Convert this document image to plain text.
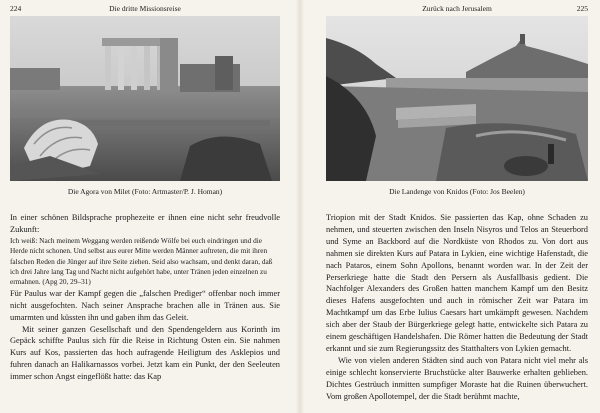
224	Die dritte Missionsreise
Die Agora von Milet (Foto: Artmaster/P. J. Homan)

In einer schönen Bildsprache prophezeite er ihnen eine nicht sehr freudvolle Zukunft:

Ich weiß: Nach meinem Weggang werden reißende Wölfe bei euch eindringen und die Herde nicht schonen. Und selbst aus eurer Mitte werden Männer auftreten, die mit ihren falschen Reden die Jünger auf ihre Seite ziehen. Seid also wachsam, und denkt daran, daß ich drei Jahre lang Tag und Nacht nicht aufgehört habe, unter Tränen jeden einzelnen zu ermahnen. (Apg 20, 29–31)

Für Paulus war der Kampf gegen die „falschen Prediger“ offenbar noch immer nicht ausgefochten. Nach seiner Ansprache brachen alle in Tränen aus. Sie umarmten und küssten ihn und gaben ihm das Geleit.

Mit seiner ganzen Gesellschaft und den Spendengeldern aus Korinth im Gepäck schiffte Paulus sich für die Reise in Richtung Osten ein. Sie nahmen Kurs auf Kos, passierten das hoch aufragende Heiligtum des Asklepios und fuhren danach an Halikarnassos vorbei. Jetzt kam ein Punkt, der den Seeleuten immer schon Angst eingeflößt hatte: das Kap

Zurück nach Jerusalem	225
Die Landenge von Knidos (Foto: Jos Beelen)

Triopion mit der Stadt Knidos. Sie passierten das Kap, ohne Schaden zu nehmen, und steuerten zwischen den Inseln Nisyros und Telos an Steuerbord und Syme an Backbord auf die Nordküste von Rhodos zu. Von dort aus nahmen sie direkten Kurs auf Patara in Lykien, eine wichtige Hafenstadt, die nach Pataros, einem Sohn Apollons, benannt worden war. In der Zeit der Perserkriege hatte die Stadt den Persern als Ausfallbasis gedient. Die Nachfolger Alexanders des Großen hatten manchem Kampf um den Besitz dieses Hafens ausgefochten und auch in römischer Zeit war Patara im Machtkampf um das Erbe Iulius Caesars hart umkämpft gewesen. Nachdem sich aber der Staub der Bürgerkriege gelegt hatte, entwickelte sich Patara zu einem geschäftigen Handelshafen. Die Römer hatten die Bedeutung der Stadt erkannt und sie zum Regierungssitz des Statthalters von Lykien gemacht.

Wie von vielen anderen Städten sind auch von Patara nicht viel mehr als einige schlecht konservierte Bruchstücke alter Bauwerke erhalten geblieben. Dichtes Gestrüuch inmitten sumpfiger Moraste hat die Ruinen überwuchert. Vom großen Apollotempel, der die Stadt berühmt machte,
